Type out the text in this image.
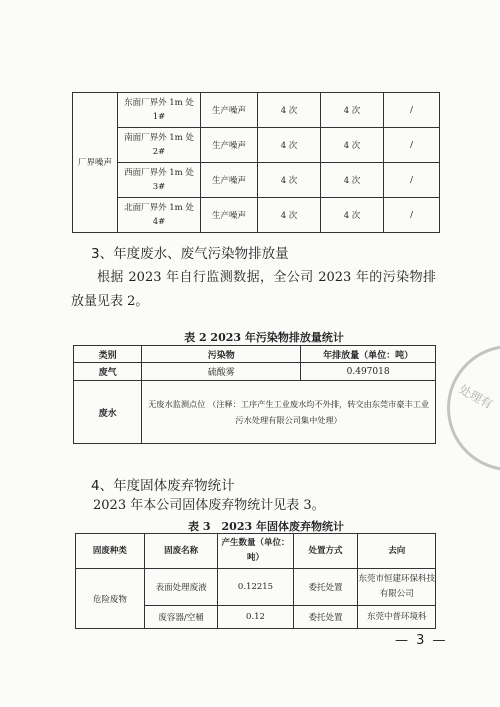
厂界噪声	东面厂界外 1m 处 1#	生产噪声	4 次	4 次	/
	南面厂界外 1m 处 2#	生产噪声	4 次	4 次	/
	西面厂界外 1m 处 3#	生产噪声	4 次	4 次	/
	北面厂界外 1m 处 4#	生产噪声	4 次	4 次	/
3、年度废水、废气污染物排放量
根据 2023 年自行监测数据，全公司 2023 年的污染物排放量见表 2。
表 2 2023 年污染物排放量统计
类别	污染物	年排放量（单位：吨）
废气	硫酸雾	0.497018
废水	无废水监测点位 （注释：工序产生工业废水均不外排，转交由东莞市豪丰工业污水处理有限公司集中处理）	
4、年度固体废弃物统计
2023 年本公司固体废弃物统计见表 3。
表 3　2023 年固体废弃物统计
固废种类	固废名称	产生数量（单位：吨）	处置方式	去向
危险废物	表面处理废液	0.12215	委托处置	东莞市恒建环保科技有限公司
	废容器/空桶	0.12	委托处置	东莞中普环境科
— 3 —
处理有
